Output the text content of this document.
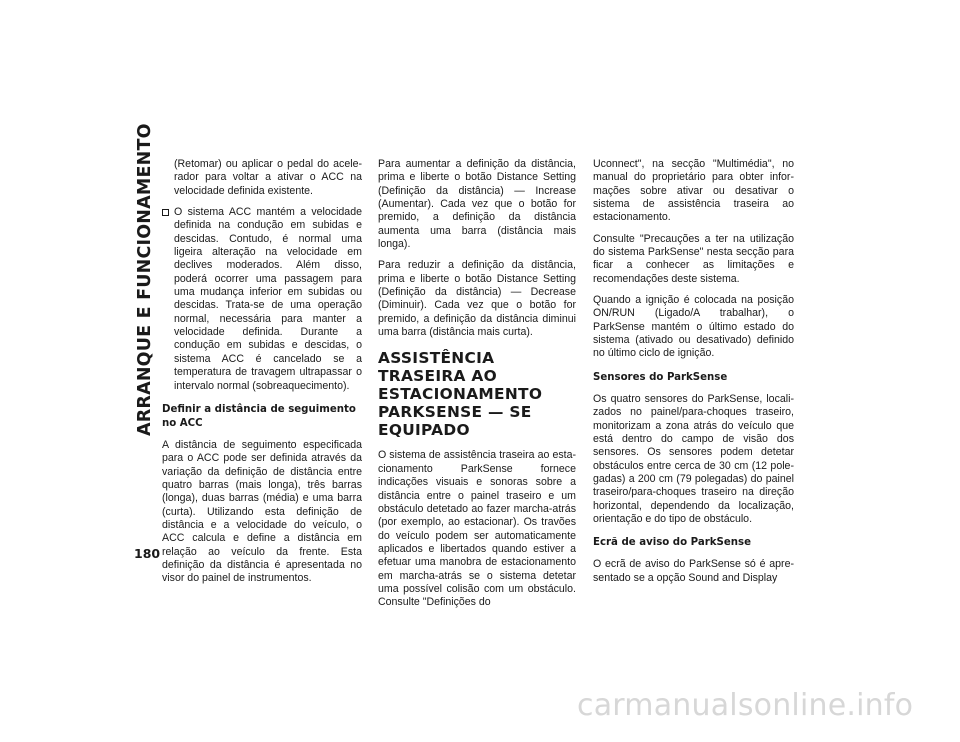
ARRANQUE E FUNCIONAMENTO
180

(Retomar) ou aplicar o pedal do acelerador para voltar a ativar o ACC na velocidade definida existente.

O sistema ACC mantém a velocidade definida na condução em subidas e descidas. Contudo, é normal uma ligeira alteração na velocidade em declives moderados. Além disso, poderá ocorrer uma passagem para uma mudança inferior em subidas ou descidas. Trata-se de uma operação normal, necessária para manter a velocidade definida. Durante a condução em subidas e descidas, o sistema ACC é cancelado se a temperatura de travagem ultrapassar o intervalo normal (sobreaquecimento).
Definir a distância de seguimento no ACC

A distância de seguimento especificada para o ACC pode ser definida através da variação da definição de distância entre quatro barras (mais longa), três barras (longa), duas barras (média) e uma barra (curta). Utilizando esta definição de distância e a velocidade do veículo, o ACC calcula e define a distância em relação ao veículo da frente. Esta definição da distância é apresentada no visor do painel de instrumentos.

Para aumentar a definição da distância, prima e liberte o botão Distance Setting (Definição da distância) — Increase (Aumentar). Cada vez que o botão for premido, a definição da distância aumenta uma barra (distância mais longa).

Para reduzir a definição da distância, prima e liberte o botão Distance Setting (Definição da distância) — Decrease (Diminuir). Cada vez que o botão for premido, a definição da distância diminui uma barra (distância mais curta).

ASSISTÊNCIA TRASEIRA AO ESTACIONAMENTO PARKSENSE — SE EQUIPADO

O sistema de assistência traseira ao estacionamento ParkSense fornece indicações visuais e sonoras sobre a distância entre o painel traseiro e um obstáculo detetado ao fazer marcha-atrás (por exemplo, ao estacionar). Os travões do veículo podem ser automaticamente aplicados e libertados quando estiver a efetuar uma manobra de estacionamento em marcha-atrás se o sistema detetar uma possível colisão com um obstáculo. Consulte "Definições do

Uconnect", na secção "Multimédia", no manual do proprietário para obter informações sobre ativar ou desativar o sistema de assistência traseira ao estacionamento.

Consulte "Precauções a ter na utilização do sistema ParkSense" nesta secção para ficar a conhecer as limitações e recomendações deste sistema.

Quando a ignição é colocada na posição ON/RUN (Ligado/A trabalhar), o ParkSense mantém o último estado do sistema (ativado ou desativado) definido no último ciclo de ignição.

Sensores do ParkSense

Os quatro sensores do ParkSense, localizados no painel/para-choques traseiro, monitorizam a zona atrás do veículo que está dentro do campo de visão dos sensores. Os sensores podem detetar obstáculos entre cerca de 30 cm (12 polegadas) a 200 cm (79 polegadas) do painel traseiro/para-choques traseiro na direção horizontal, dependendo da localização, orientação e do tipo de obstáculo.

Ecrã de aviso do ParkSense

O ecrã de aviso do ParkSense só é apresentado se a opção Sound and Display

carmanualsonline.info
